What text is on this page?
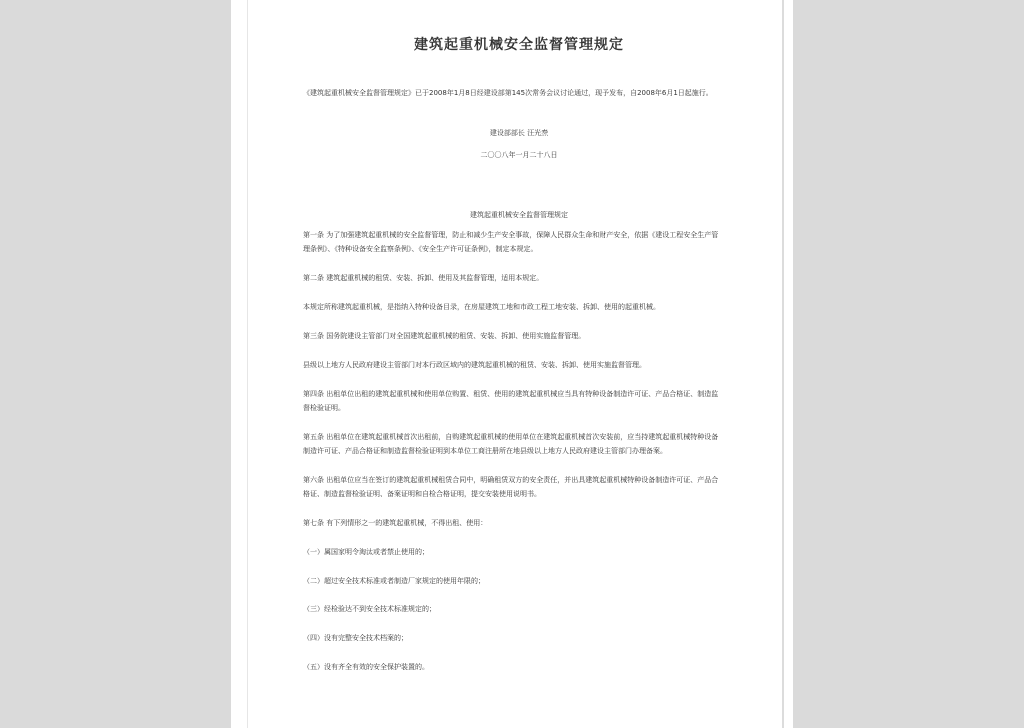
建筑起重机械安全监督管理规定
《建筑起重机械安全监督管理规定》已于2008年1月8日经建设部第145次常务会议讨论通过，现予发布，自2008年6月1日起施行。
建设部部长 汪光焘
二〇〇八年一月二十八日
建筑起重机械安全监督管理规定
第一条 为了加强建筑起重机械的安全监督管理，防止和减少生产安全事故，保障人民群众生命和财产安全，依据《建设工程安全生产管理条例》、《特种设备安全监察条例》、《安全生产许可证条例》，制定本规定。
第二条 建筑起重机械的租赁、安装、拆卸、使用及其监督管理，适用本规定。
本规定所称建筑起重机械，是指纳入特种设备目录，在房屋建筑工地和市政工程工地安装、拆卸、使用的起重机械。
第三条 国务院建设主管部门对全国建筑起重机械的租赁、安装、拆卸、使用实施监督管理。
县级以上地方人民政府建设主管部门对本行政区域内的建筑起重机械的租赁、安装、拆卸、使用实施监督管理。
第四条 出租单位出租的建筑起重机械和使用单位购置、租赁、使用的建筑起重机械应当具有特种设备制造许可证、产品合格证、制造监督检验证明。
第五条 出租单位在建筑起重机械首次出租前，自购建筑起重机械的使用单位在建筑起重机械首次安装前，应当持建筑起重机械特种设备制造许可证、产品合格证和制造监督检验证明到本单位工商注册所在地县级以上地方人民政府建设主管部门办理备案。
第六条 出租单位应当在签订的建筑起重机械租赁合同中，明确租赁双方的安全责任，并出具建筑起重机械特种设备制造许可证、产品合格证、制造监督检验证明、备案证明和自检合格证明，提交安装使用说明书。
第七条 有下列情形之一的建筑起重机械，不得出租、使用：
（一）属国家明令淘汰或者禁止使用的；
（二）超过安全技术标准或者制造厂家规定的使用年限的；
（三）经检验达不到安全技术标准规定的；
（四）没有完整安全技术档案的；
（五）没有齐全有效的安全保护装置的。
